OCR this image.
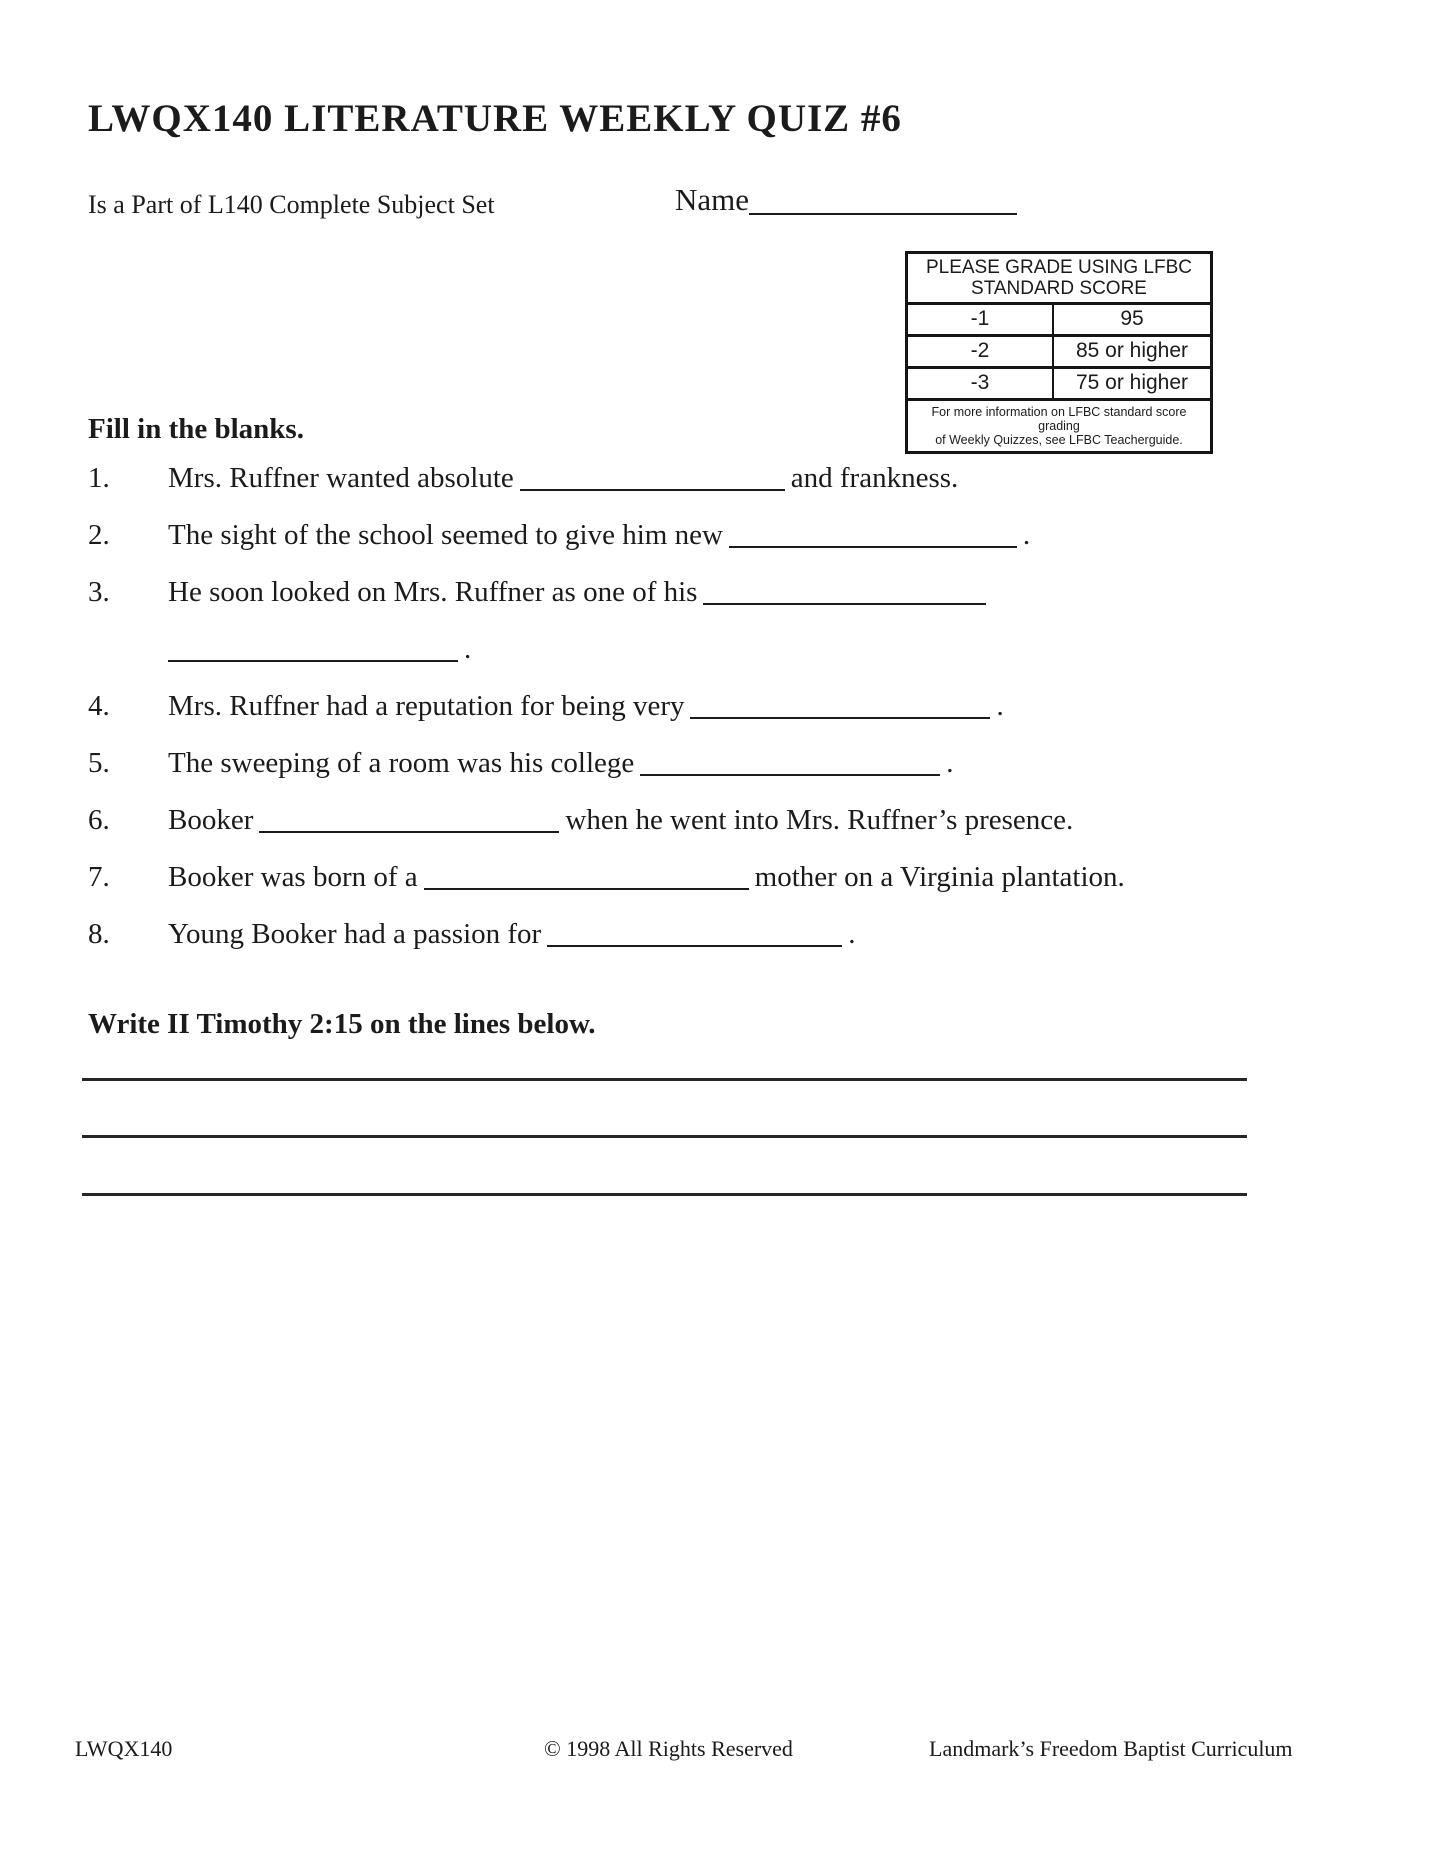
LWQX140 LITERATURE WEEKLY QUIZ #6
Is a Part of L140 Complete Subject Set	Name
PLEASE GRADE USING LFBC
STANDARD SCORE
-1	95
-2	85 or higher
-3	75 or higher
For more information on LFBC standard score grading
of Weekly Quizzes, see LFBC Teacherguide.
Fill in the blanks.
1.	Mrs. Ruffner wanted absolute	and frankness.
2.	The sight of the school seemed to give him new	.
3.	He soon looked on Mrs. Ruffner as one of his
.
4.	Mrs. Ruffner had a reputation for being very	.
5.	The sweeping of a room was his college	.
6.	Booker	when he went into Mrs. Ruffner’s presence.
7.	Booker was born of a	mother on a Virginia plantation.
8.	Young Booker had a passion for	.
Write II Timothy 2:15 on the lines below.
LWQX140	© 1998 All Rights Reserved	Landmark’s Freedom Baptist Curriculum
